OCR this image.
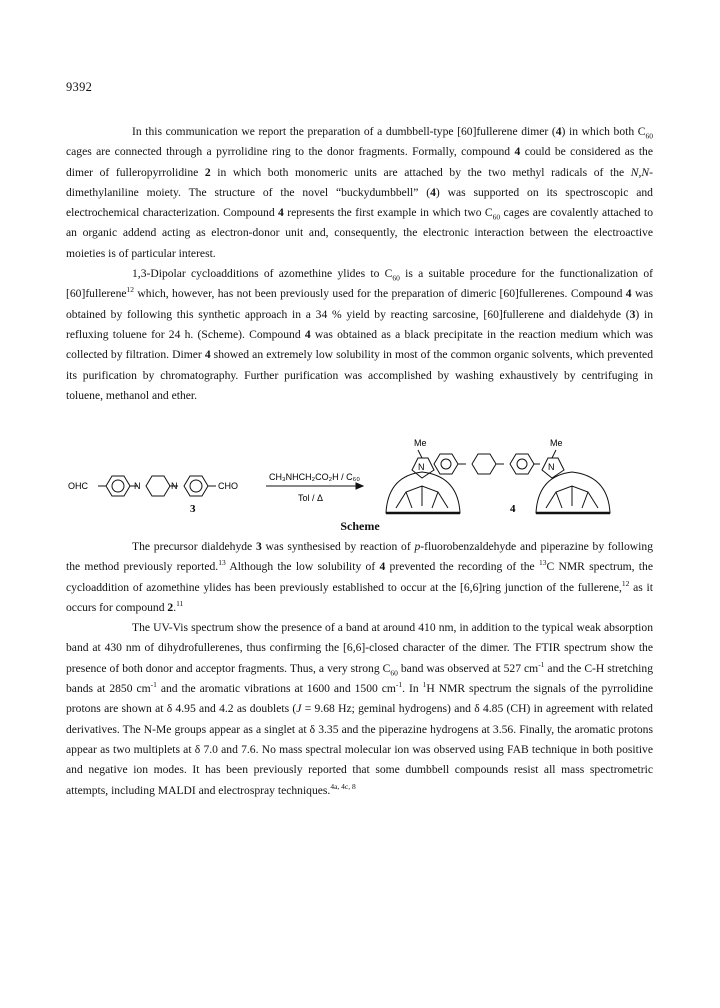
9392

In this communication we report the preparation of a dumbbell-type [60]fullerene dimer (4) in which both $C_{60}$ cages are connected through a pyrrolidine ring to the donor fragments. Formally, compound 4 could be considered as the dimer of fulleropyrrolidine 2 in which both monomeric units are attached by the two methyl radicals of the N,N-dimethylaniline moiety. The structure of the novel “buckydumbbell” (4) was supported on its spectroscopic and electrochemical characterization. Compound 4 represents the first example in which two $C_{60}$ cages are covalently attached to an organic addend acting as electron-donor unit and, consequently, the electronic interaction between the electroactive moieties is of particular interest.

1,3-Dipolar cycloadditions of azomethine ylides to $C_{60}$ is a suitable procedure for the functionalization of [60]fullerene$^{12}$ which, however, has not been previously used for the preparation of dimeric [60]fullerenes. Compound 4 was obtained by following this synthetic approach in a 34 % yield by reacting sarcosine, [60]fullerene and dialdehyde (3) in refluxing toluene for 24 h. (Scheme). Compound 4 was obtained as a black precipitate in the reaction medium which was collected by filtration. Dimer 4 showed an extremely low solubility in most of the common organic solvents, which prevented its purification by chromatography. Further purification was accomplished by washing exhaustively by centrifuging in toluene, methanol and ether.

OHC	CHO
N	N
CH₃NHCH₂CO₂H / C₆₀
Tol / Δ
Me	Me
N	N
3	4
Scheme

The precursor dialdehyde 3 was synthesised by reaction of p-fluorobenzaldehyde and piperazine by following the method previously reported.$^{13}$ Although the low solubility of 4 prevented the recording of the $^{13}$C NMR spectrum, the cycloaddition of azomethine ylides has been previously established to occur at the [6,6]ring junction of the fullerene,$^{12}$ as it occurs for compound 2.11

The UV-Vis spectrum show the presence of a band at around 410 nm, in addition to the typical weak absorption band at 430 nm of dihydrofullerenes, thus confirming the [6,6]-closed character of the dimer. The FTIR spectrum show the presence of both donor and acceptor fragments. Thus, a very strong $C_{60}$ band was observed at 527 $cm^{-1}$ and the C-H stretching bands at 2850 $cm^{-1}$ and the aromatic vibrations at 1600 and 1500 $cm^{-1}$. In $^1$H NMR spectrum the signals of the pyrrolidine protons are shown at δ 4.95 and 4.2 as doublets (J = 9.68 Hz; geminal hydrogens) and δ 4.85 (CH) in agreement with related derivatives. The N-Me groups appear as a singlet at δ 3.35 and the piperazine hydrogens at 3.56. Finally, the aromatic protons appear as two multiplets at δ 7.0 and 7.6. No mass spectral molecular ion was observed using FAB technique in both positive and negative ion modes. It has been previously reported that some dumbbell compounds resist all mass spectrometric attempts, including MALDI and electrospray techniques.$^{4a, 4c, 8}$
